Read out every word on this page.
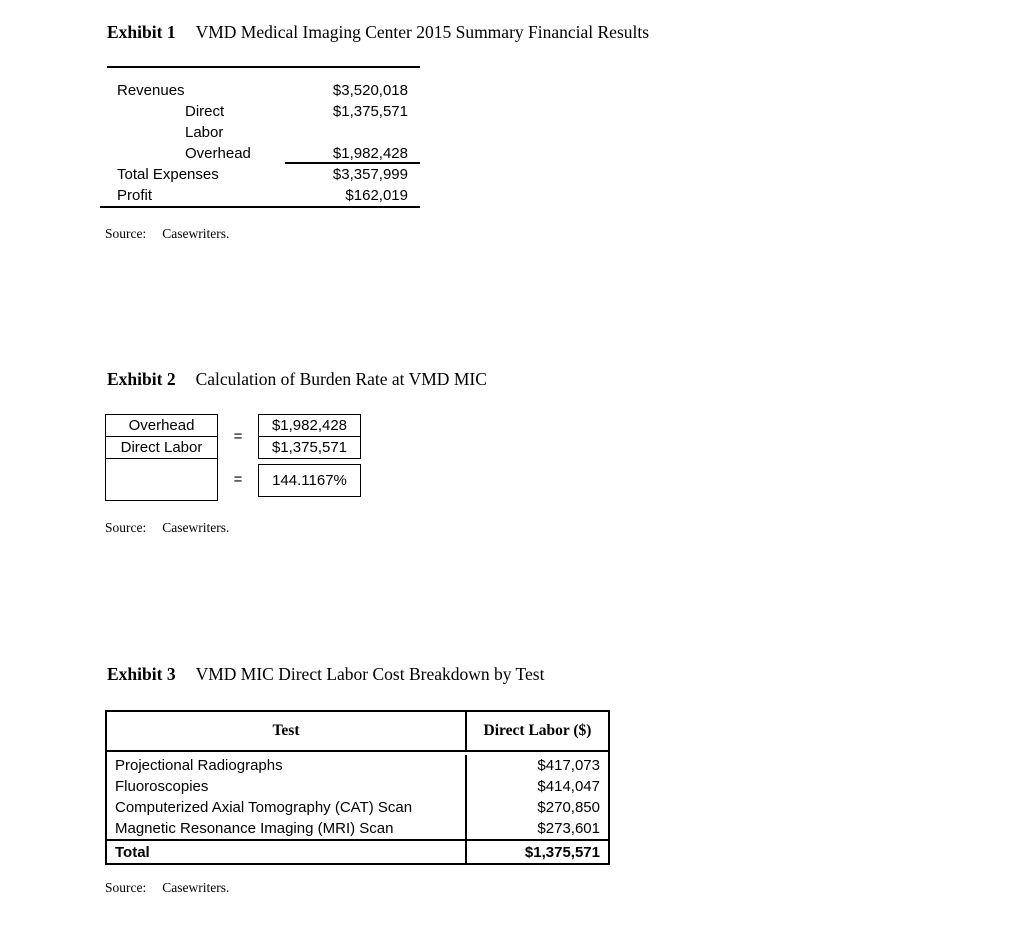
Exhibit 1 VMD Medical Imaging Center 2015 Summary Financial Results
Revenues	$3,520,018
Direct	$1,375,571
Labor
Overhead	$1,982,428
Total Expenses	$3,357,999
Profit	$162,019
Source: Casewriters.
Exhibit 2 Calculation of Burden Rate at VMD MIC
Overhead
Direct Labor
=
$1,982,428
$1,375,571
=	144.1167%
Source: Casewriters.
Exhibit 3 VMD MIC Direct Labor Cost Breakdown by Test
Test	Direct Labor ($)
Projectional Radiographs	$417,073
Fluoroscopies	$414,047
Computerized Axial Tomography (CAT) Scan	$270,850
Magnetic Resonance Imaging (MRI) Scan	$273,601
Total	$1,375,571
Source: Casewriters.
